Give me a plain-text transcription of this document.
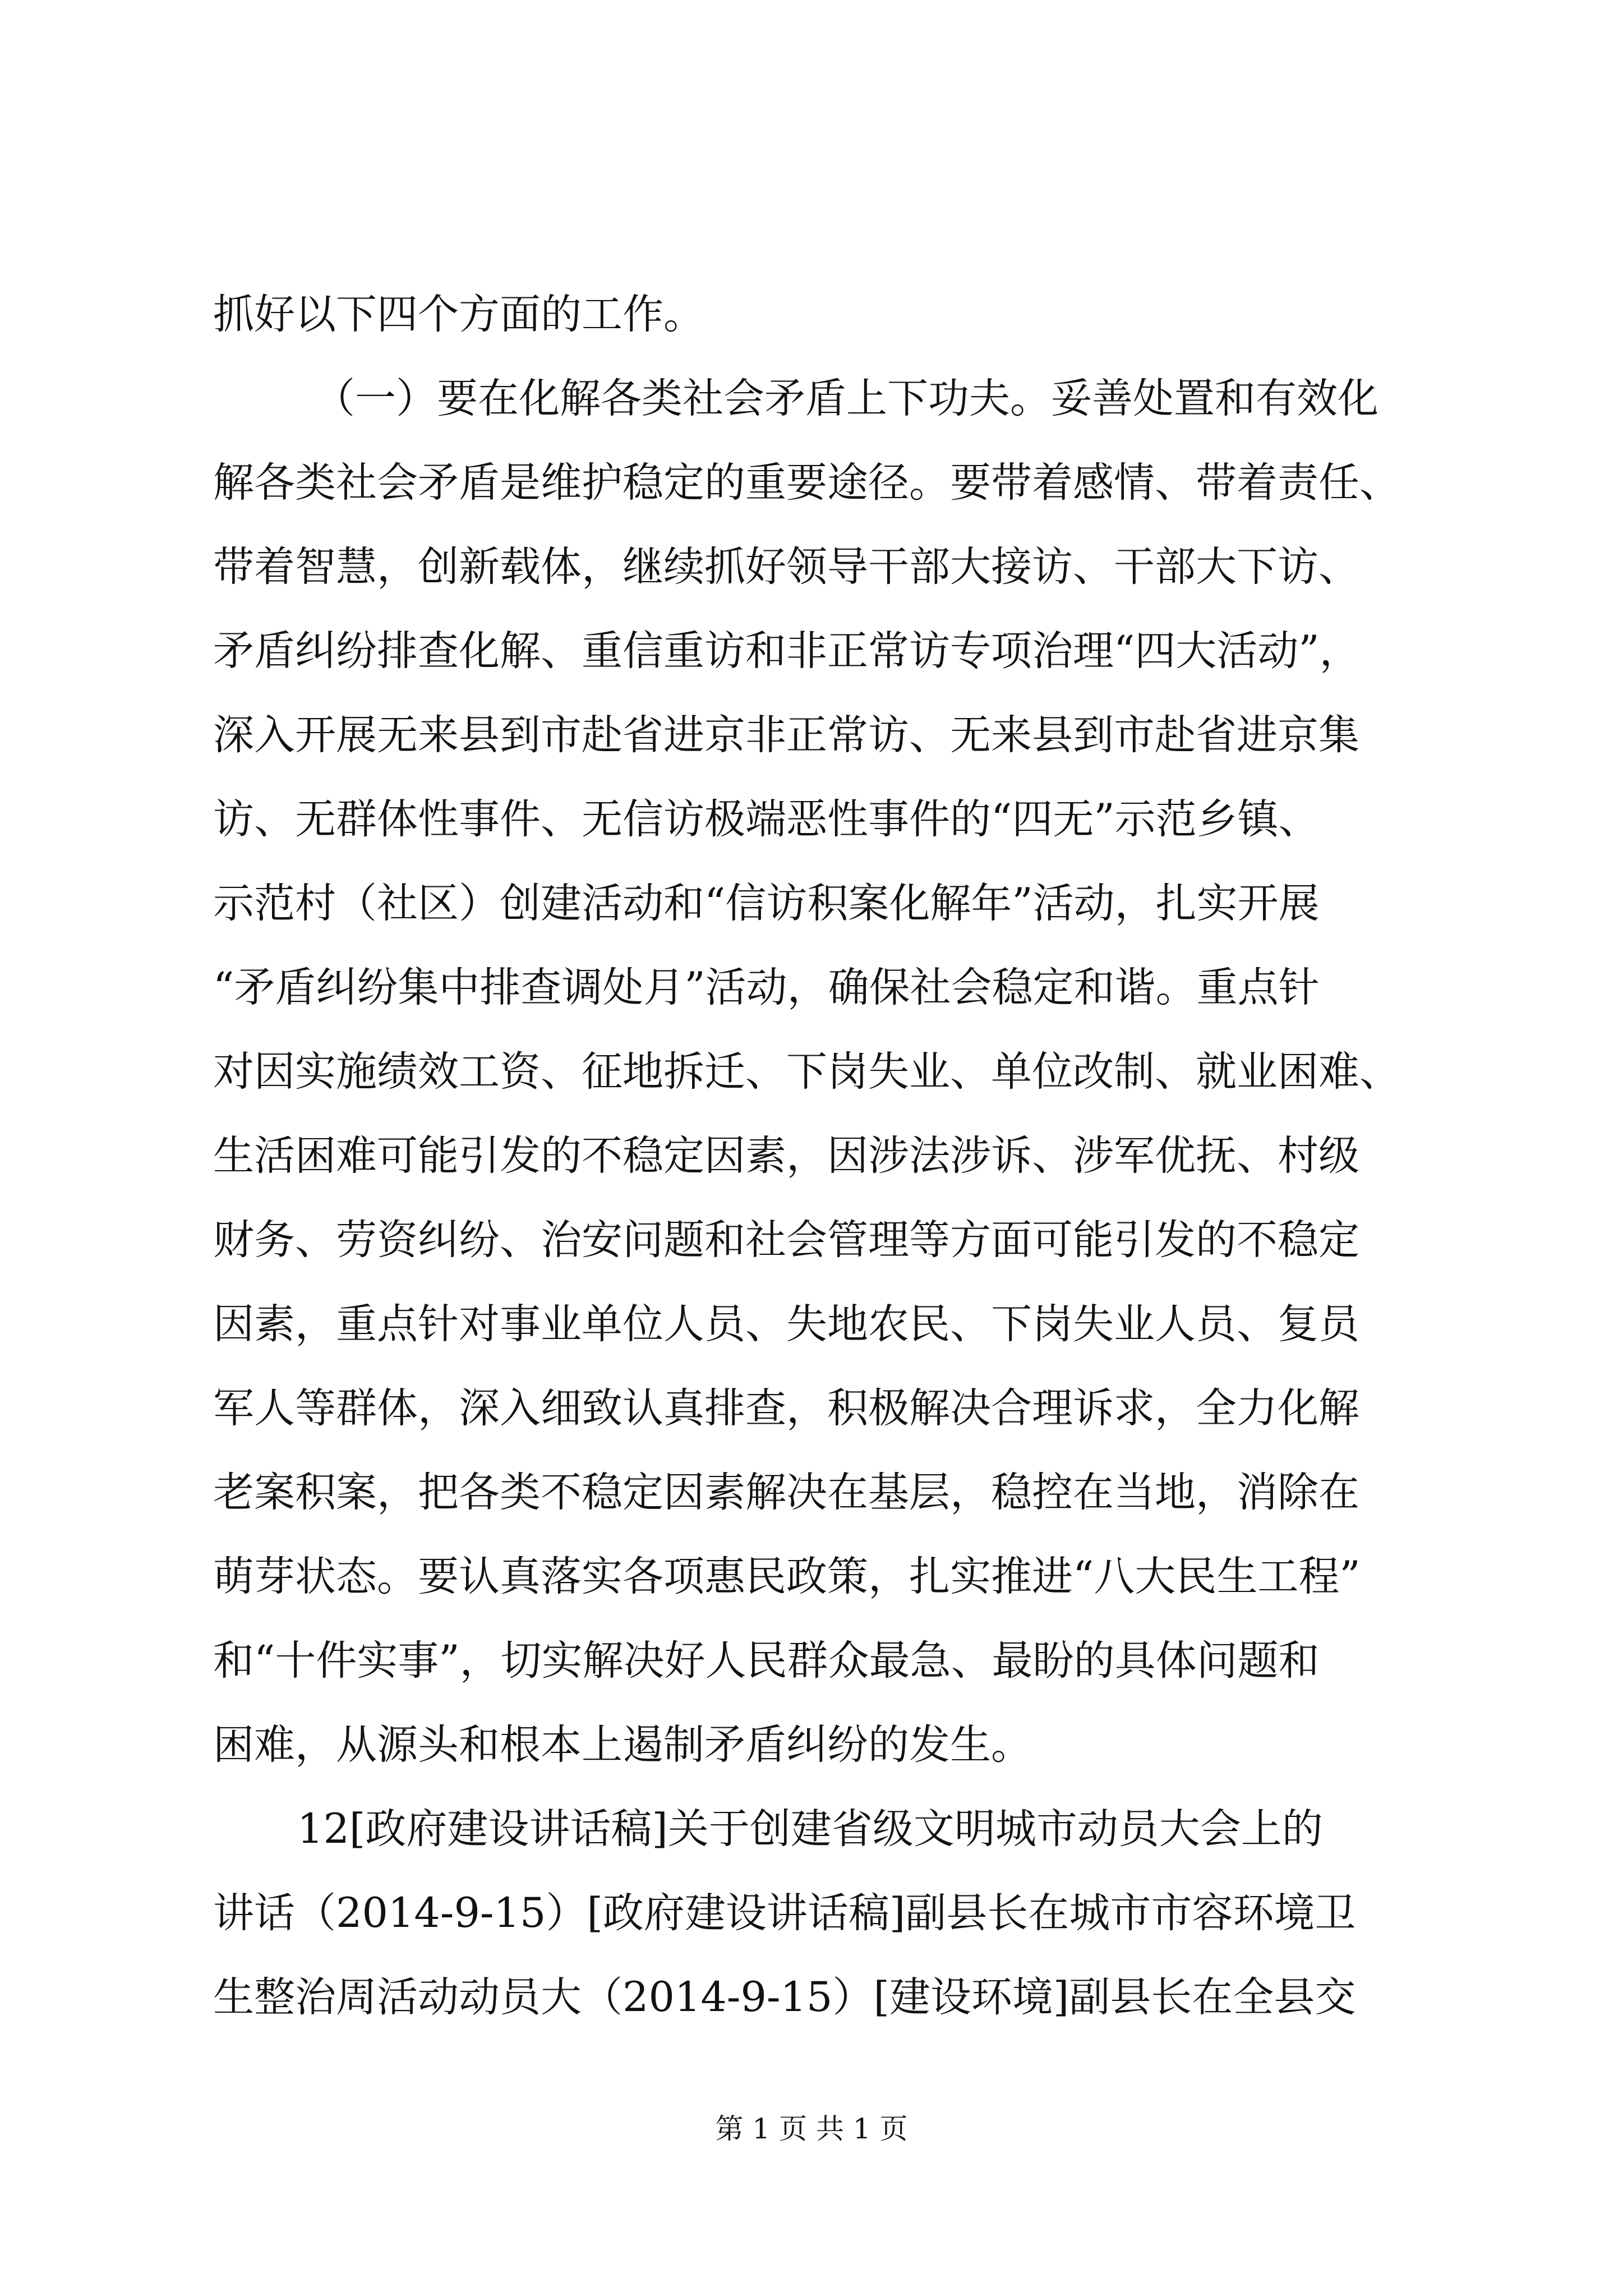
抓好以下四个方面的工作。
（一）要在化解各类社会矛盾上下功夫。妥善处置和有效化
解各类社会矛盾是维护稳定的重要途径。要带着感情、带着责任、
带着智慧，创新载体，继续抓好领导干部大接访、干部大下访、
矛盾纠纷排查化解、重信重访和非正常访专项治理“四大活动”，
深入开展无来县到市赴省进京非正常访、无来县到市赴省进京集
访、无群体性事件、无信访极端恶性事件的“四无”示范乡镇、
示范村（社区）创建活动和“信访积案化解年”活动，扎实开展
“矛盾纠纷集中排查调处月”活动，确保社会稳定和谐。重点针
对因实施绩效工资、征地拆迁、下岗失业、单位改制、就业困难、
生活困难可能引发的不稳定因素，因涉法涉诉、涉军优抚、村级
财务、劳资纠纷、治安问题和社会管理等方面可能引发的不稳定
因素，重点针对事业单位人员、失地农民、下岗失业人员、复员
军人等群体，深入细致认真排查，积极解决合理诉求，全力化解
老案积案，把各类不稳定因素解决在基层，稳控在当地，消除在
萌芽状态。要认真落实各项惠民政策，扎实推进“八大民生工程”
和“十件实事”，切实解决好人民群众最急、最盼的具体问题和
困难，从源头和根本上遏制矛盾纠纷的发生。
12[政府建设讲话稿]关于创建省级文明城市动员大会上的
讲话（2014-9-15）[政府建设讲话稿]副县长在城市市容环境卫
生整治周活动动员大（2014-9-15）[建设环境]副县长在全县交
第 1 页 共 1 页
